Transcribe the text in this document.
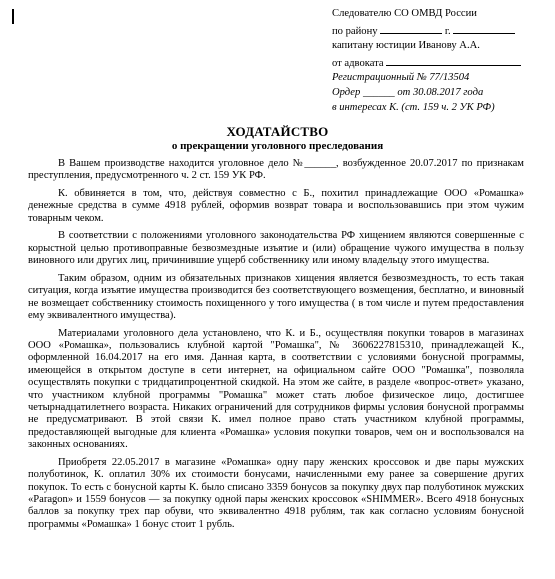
Следователю СО ОМВД России
по району	г.
капитану юстиции Иванову А.А.
от адвоката
Регистрационный № 77/13504
Ордер ______ от 30.08.2017 года
в интересах К. (ст. 159 ч. 2 УК РФ)
ХОДАТАЙСТВО
о прекращении уголовного преследования

В Вашем производстве находится уголовное дело №______, возбужденное 20.07.2017 по признакам преступления, предусмотренного ч. 2 ст. 159 УК РФ.

К. обвиняется в том, что, действуя совместно с Б., похитил принадлежащие ООО «Ромашка» денежные средства в сумме 4918 рублей, оформив возврат товара и воспользовавшись при этом чужим товарным чеком.

В соответствии с положениями уголовного законодательства РФ хищением являются совершенные с корыстной целью противоправные безвозмездные изъятие и (или) обращение чужого имущества в пользу виновного или других лиц, причинившие ущерб собственнику или иному владельцу этого имущества.

Таким образом, одним из обязательных признаков хищения является безвозмездность, то есть такая ситуация, когда изъятие имущества производится без соответствующего возмещения, бесплатно, и виновный не возмещает собственнику стоимость похищенного у того имущества ( в том числе и путем предоставления ему эквивалентного имущества).

Материалами уголовного дела установлено, что К. и Б., осуществляя покупки товаров в магазинах ООО «Ромашка», пользовались клубной картой "Ромашка", № 3606227815310, принадлежащей К., оформленной 16.04.2017 на его имя. Данная карта, в соответствии с условиями бонусной программы, имеющейся в открытом доступе в сети интернет, на официальном сайте ООО "Ромашка", позволяла осуществлять покупки с тридцатипроцентной скидкой. На этом же сайте, в разделе «вопрос-ответ» указано, что участником клубной программы "Ромашка" может стать любое физическое лицо, достигшее четырнадцатилетнего возраста. Никаких ограничений для сотрудников фирмы условия бонусной программы не предусматривают. В этой связи К. имел полное право стать участником клубной программы, предоставляющей выгодные для клиента «Ромашка» условия покупки товаров, чем он и воспользовался на законных основаниях.

Приобретя 22.05.2017 в магазине «Ромашка» одну пару женских кроссовок и две пары мужских полуботинок, К. оплатил 30% их стоимости бонусами, начисленными ему ранее за совершение других покупок. То есть с бонусной карты К. было списано 3359 бонусов за покупку двух пар полуботинок мужских «Paragon» и 1559 бонусов — за покупку одной пары женских кроссовок «SHIMMER». Всего 4918 бонусных баллов за покупку трех пар обуви, что эквивалентно 4918 рублям, так как согласно условиям бонусной программы «Ромашка» 1 бонус стоит 1 рубль.
